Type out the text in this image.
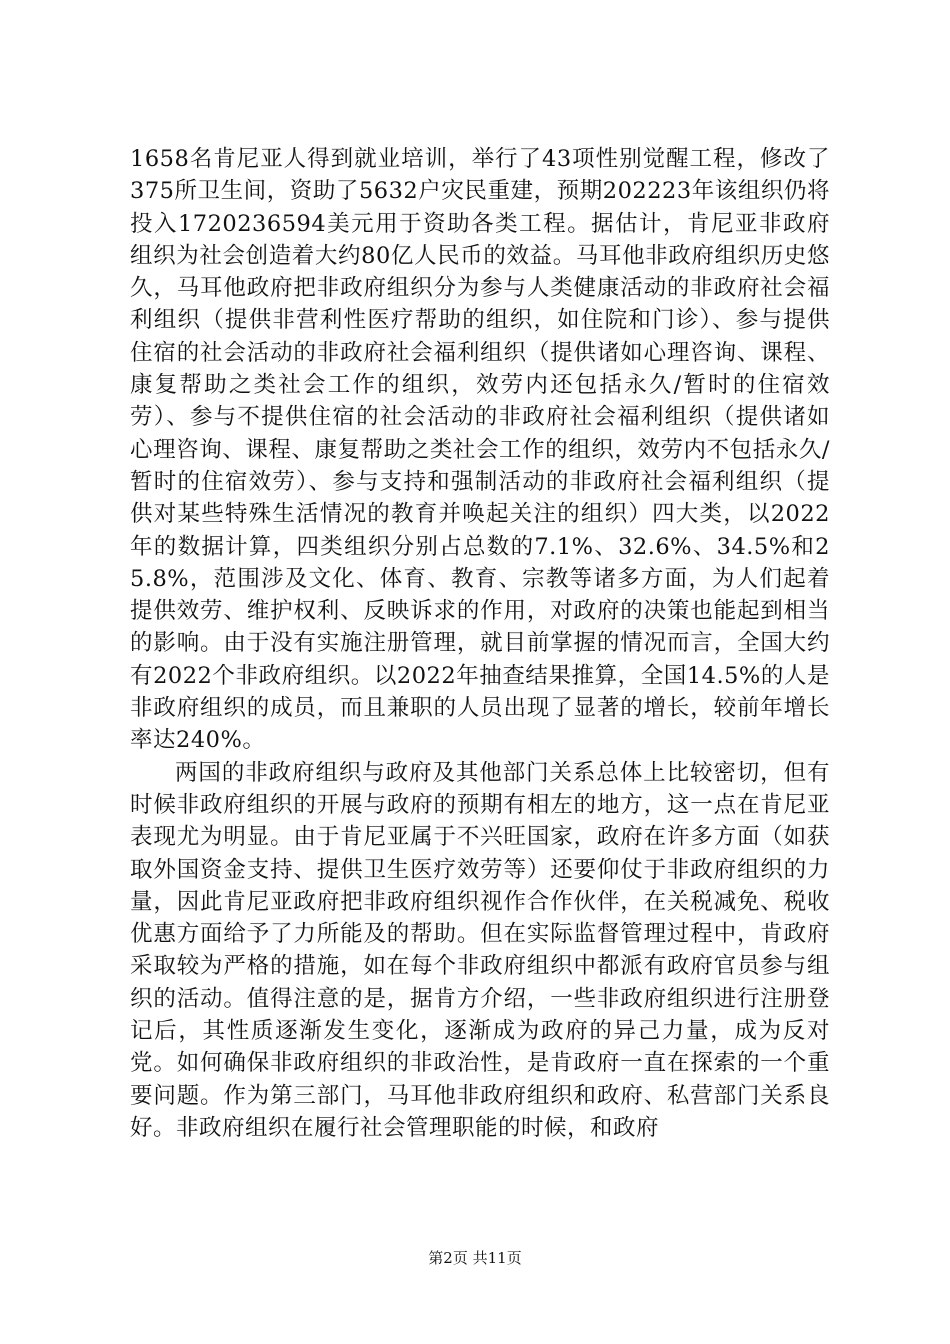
1658名肯尼亚人得到就业培训，举行了43项性别觉醒工程，修改了375所卫生间，资助了5632户灾民重建，预期202223年该组织仍将投入1720236594美元用于资助各类工程。据估计，肯尼亚非政府组织为社会创造着大约80亿人民币的效益。马耳他非政府组织历史悠久，马耳他政府把非政府组织分为参与人类健康活动的非政府社会福利组织（提供非营利性医疗帮助的组织，如住院和门诊）、参与提供住宿的社会活动的非政府社会福利组织（提供诸如心理咨询、课程、康复帮助之类社会工作的组织，效劳内还包括永久/暂时的住宿效劳）、参与不提供住宿的社会活动的非政府社会福利组织（提供诸如心理咨询、课程、康复帮助之类社会工作的组织，效劳内不包括永久/暂时的住宿效劳）、参与支持和强制活动的非政府社会福利组织（提供对某些特殊生活情况的教育并唤起关注的组织）四大类，以2022年的数据计算，四类组织分别占总数的7.1%、32.6%、34.5%和25.8%，范围涉及文化、体育、教育、宗教等诸多方面，为人们起着提供效劳、维护权利、反映诉求的作用，对政府的决策也能起到相当的影响。由于没有实施注册管理，就目前掌握的情况而言，全国大约有2022个非政府组织。以2022年抽查结果推算，全国14.5%的人是非政府组织的成员，而且兼职的人员出现了显著的增长，较前年增长率达240%。

两国的非政府组织与政府及其他部门关系总体上比较密切，但有时候非政府组织的开展与政府的预期有相左的地方，这一点在肯尼亚表现尤为明显。由于肯尼亚属于不兴旺国家，政府在许多方面（如获取外国资金支持、提供卫生医疗效劳等）还要仰仗于非政府组织的力量，因此肯尼亚政府把非政府组织视作合作伙伴，在关税减免、税收优惠方面给予了力所能及的帮助。但在实际监督管理过程中，肯政府采取较为严格的措施，如在每个非政府组织中都派有政府官员参与组织的活动。值得注意的是，据肯方介绍，一些非政府组织进行注册登记后，其性质逐渐发生变化，逐渐成为政府的异己力量，成为反对党。如何确保非政府组织的非政治性，是肯政府一直在探索的一个重要问题。作为第三部门，马耳他非政府组织和政府、私营部门关系良好。非政府组织在履行社会管理职能的时候，和政府

第2页 共11页
